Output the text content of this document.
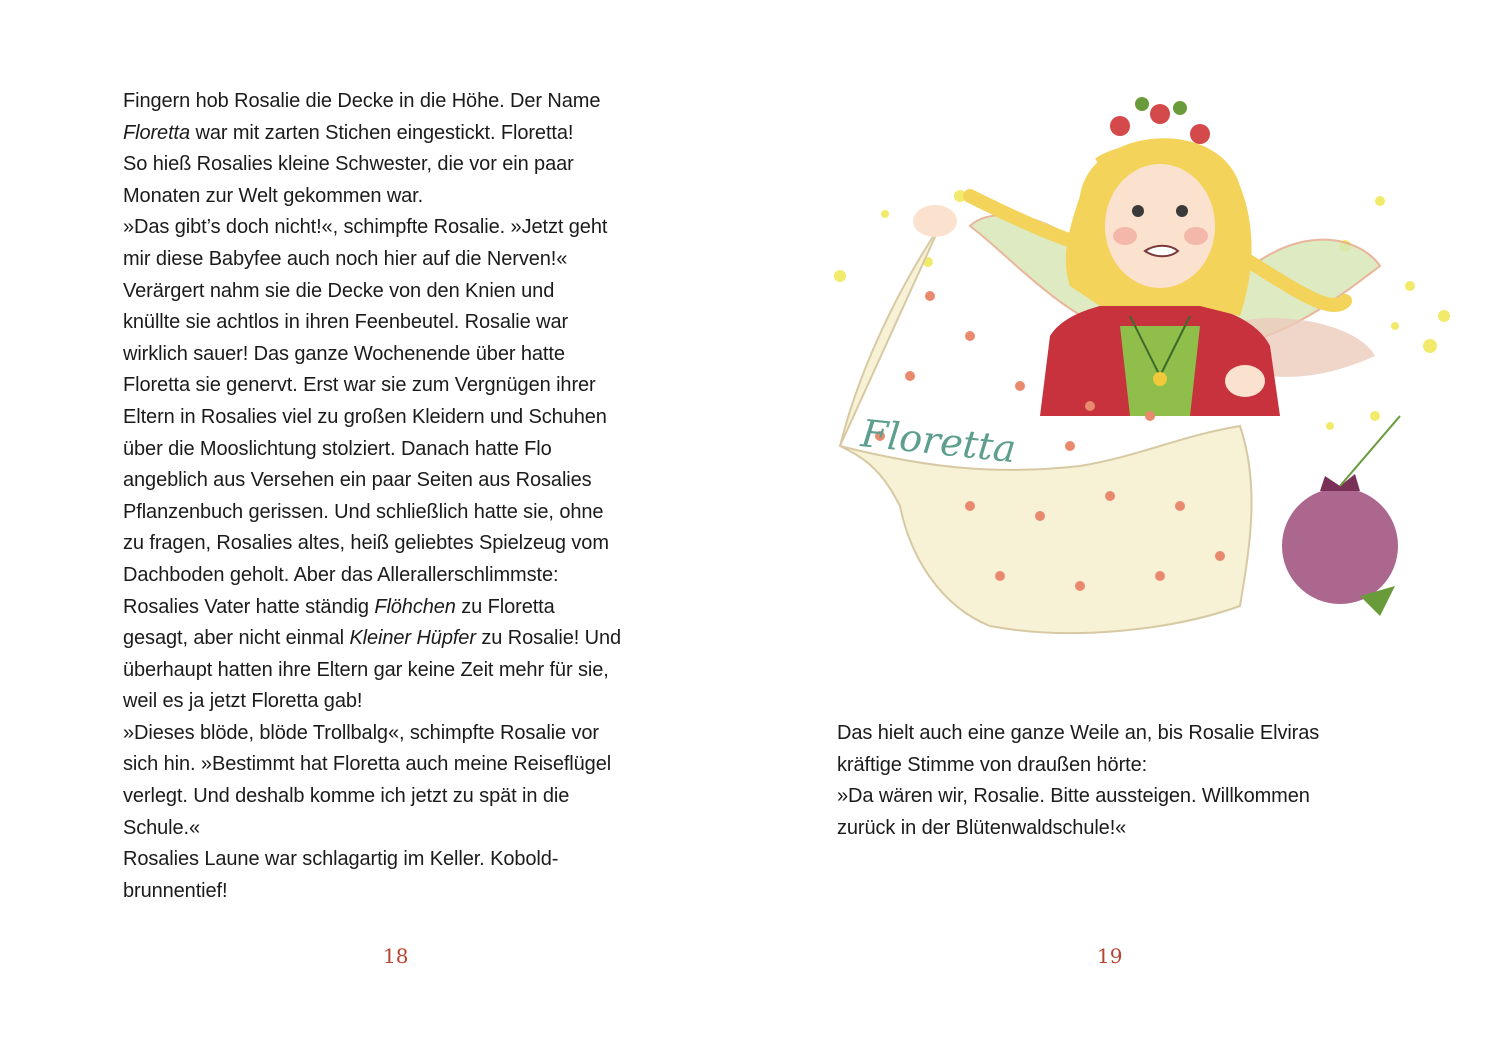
Fingern hob Rosalie die Decke in die Höhe. Der Name
Floretta war mit zarten Stichen eingestickt. Floretta!
So hieß Rosalies kleine Schwester, die vor ein paar
Monaten zur Welt gekommen war.
»Das gibt’s doch nicht!«, schimpfte Rosalie. »Jetzt geht
mir diese Babyfee auch noch hier auf die Nerven!«
Verärgert nahm sie die Decke von den Knien und
knüllte sie achtlos in ihren Feenbeutel. Rosalie war
wirklich sauer! Das ganze Wochenende über hatte
Floretta sie genervt. Erst war sie zum Vergnügen ihrer
Eltern in Rosalies viel zu großen Kleidern und Schuhen
über die Mooslichtung stolziert. Danach hatte Flo
angeblich aus Versehen ein paar Seiten aus Rosalies
Pflanzenbuch gerissen. Und schließlich hatte sie, ohne
zu fragen, Rosalies altes, heiß geliebtes Spielzeug vom
Dachboden geholt. Aber das Allerallerschlimmste:
Rosalies Vater hatte ständig Flöhchen zu Floretta
gesagt, aber nicht einmal Kleiner Hüpfer zu Rosalie! Und
überhaupt hatten ihre Eltern gar keine Zeit mehr für sie,
weil es ja jetzt Floretta gab!
»Dieses blöde, blöde Trollbalg«, schimpfte Rosalie vor
sich hin. »Bestimmt hat Floretta auch meine Reiseflügel
verlegt. Und deshalb komme ich jetzt zu spät in die
Schule.«
Rosalies Laune war schlagartig im Keller. Kobold-
brunnentief!
18
Floretta
Das hielt auch eine ganze Weile an, bis Rosalie Elviras
kräftige Stimme von draußen hörte:
»Da wären wir, Rosalie. Bitte aussteigen. Willkommen
zurück in der Blütenwaldschule!«
19
